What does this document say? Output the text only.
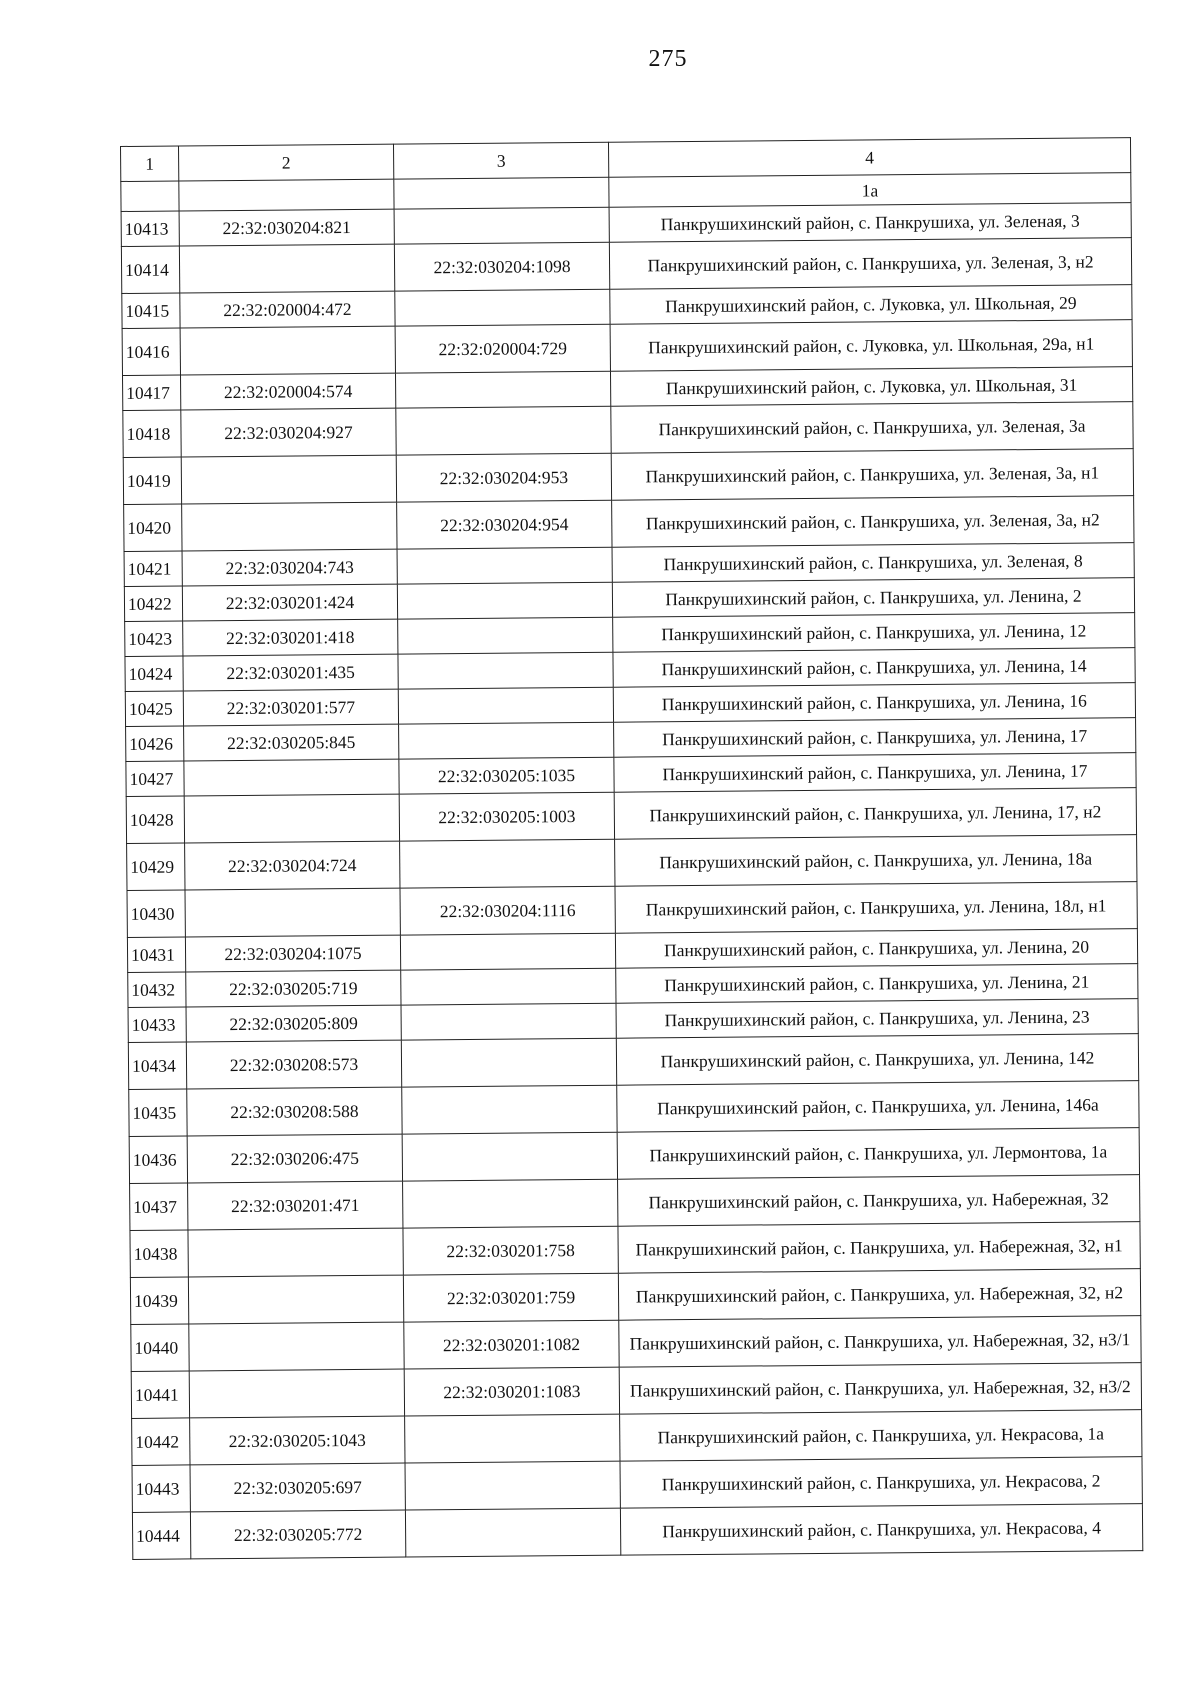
275
1	2	3	4
			1а
10413	22:32:030204:821		Панкрушихинский район, с. Панкрушиха, ул. Зеленая, 3
10414		22:32:030204:1098	Панкрушихинский район, с. Панкрушиха, ул. Зеленая, 3, н2
10415	22:32:020004:472		Панкрушихинский район, с. Луковка, ул. Школьная, 29
10416		22:32:020004:729	Панкрушихинский район, с. Луковка, ул. Школьная, 29а, н1
10417	22:32:020004:574		Панкрушихинский район, с. Луковка, ул. Школьная, 31
10418	22:32:030204:927		Панкрушихинский район, с. Панкрушиха, ул. Зеленая, 3а
10419		22:32:030204:953	Панкрушихинский район, с. Панкрушиха, ул. Зеленая, 3а, н1
10420		22:32:030204:954	Панкрушихинский район, с. Панкрушиха, ул. Зеленая, 3а, н2
10421	22:32:030204:743		Панкрушихинский район, с. Панкрушиха, ул. Зеленая, 8
10422	22:32:030201:424		Панкрушихинский район, с. Панкрушиха, ул. Ленина, 2
10423	22:32:030201:418		Панкрушихинский район, с. Панкрушиха, ул. Ленина, 12
10424	22:32:030201:435		Панкрушихинский район, с. Панкрушиха, ул. Ленина, 14
10425	22:32:030201:577		Панкрушихинский район, с. Панкрушиха, ул. Ленина, 16
10426	22:32:030205:845		Панкрушихинский район, с. Панкрушиха, ул. Ленина, 17
10427		22:32:030205:1035	Панкрушихинский район, с. Панкрушиха, ул. Ленина, 17
10428		22:32:030205:1003	Панкрушихинский район, с. Панкрушиха, ул. Ленина, 17, н2
10429	22:32:030204:724		Панкрушихинский район, с. Панкрушиха, ул. Ленина, 18а
10430		22:32:030204:1116	Панкрушихинский район, с. Панкрушиха, ул. Ленина, 18л, н1
10431	22:32:030204:1075		Панкрушихинский район, с. Панкрушиха, ул. Ленина, 20
10432	22:32:030205:719		Панкрушихинский район, с. Панкрушиха, ул. Ленина, 21
10433	22:32:030205:809		Панкрушихинский район, с. Панкрушиха, ул. Ленина, 23
10434	22:32:030208:573		Панкрушихинский район, с. Панкрушиха, ул. Ленина, 142
10435	22:32:030208:588		Панкрушихинский район, с. Панкрушиха, ул. Ленина, 146а
10436	22:32:030206:475		Панкрушихинский район, с. Панкрушиха, ул. Лермонтова, 1а
10437	22:32:030201:471		Панкрушихинский район, с. Панкрушиха, ул. Набережная, 32
10438		22:32:030201:758	Панкрушихинский район, с. Панкрушиха, ул. Набережная, 32, н1
10439		22:32:030201:759	Панкрушихинский район, с. Панкрушиха, ул. Набережная, 32, н2
10440		22:32:030201:1082	Панкрушихинский район, с. Панкрушиха, ул. Набережная, 32, н3/1
10441		22:32:030201:1083	Панкрушихинский район, с. Панкрушиха, ул. Набережная, 32, н3/2
10442	22:32:030205:1043		Панкрушихинский район, с. Панкрушиха, ул. Некрасова, 1а
10443	22:32:030205:697		Панкрушихинский район, с. Панкрушиха, ул. Некрасова, 2
10444	22:32:030205:772		Панкрушихинский район, с. Панкрушиха, ул. Некрасова, 4
